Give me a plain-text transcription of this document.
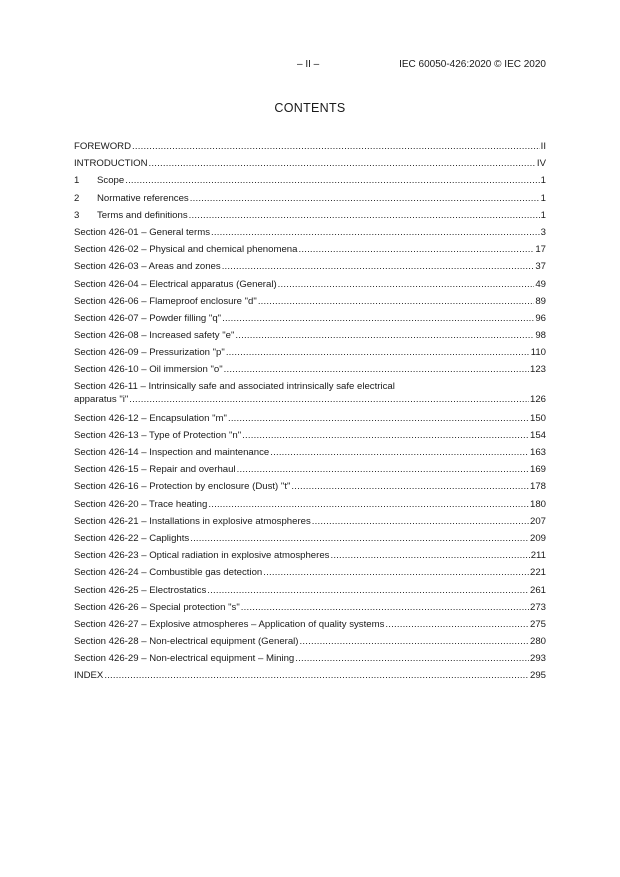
– II –	IEC 60050-426:2020 © IEC 2020
CONTENTS
FOREWORD .....	II
INTRODUCTION .....	IV
1	Scope .....	1
2	Normative references .....	1
3	Terms and definitions .....	1
Section 426-01 – General terms .....	3
Section 426-02 – Physical and chemical phenomena .....	17
Section 426-03 – Areas and zones .....	37
Section 426-04 – Electrical apparatus (General) .....	49
Section 426-06 – Flameproof enclosure "d" .....	89
Section 426-07 – Powder filling "q" .....	96
Section 426-08 – Increased safety "e" .....	98
Section 426-09 – Pressurization "p" .....	110
Section 426-10 – Oil immersion "o" .....	123
Section 426-11 – Intrinsically safe and associated intrinsically safe electrical
apparatus "i" .....	126
Section 426-12 – Encapsulation "m" .....	150
Section 426-13 – Type of Protection "n" .....	154
Section 426-14 – Inspection and maintenance .....	163
Section 426-15 – Repair and overhaul .....	169
Section 426-16 – Protection by enclosure (Dust) "t" .....	178
Section 426-20 – Trace heating .....	180
Section 426-21 – Installations in explosive atmospheres .....	207
Section 426-22 – Caplights .....	209
Section 426-23 – Optical radiation in explosive atmospheres .....	211
Section 426-24 – Combustible gas detection .....	221
Section 426-25 – Electrostatics .....	261
Section 426-26 – Special protection "s" .....	273
Section 426-27 – Explosive atmospheres – Application of quality systems .....	275
Section 426-28 – Non-electrical equipment (General) .....	280
Section 426-29 – Non-electrical equipment – Mining .....	293
INDEX .....	295
